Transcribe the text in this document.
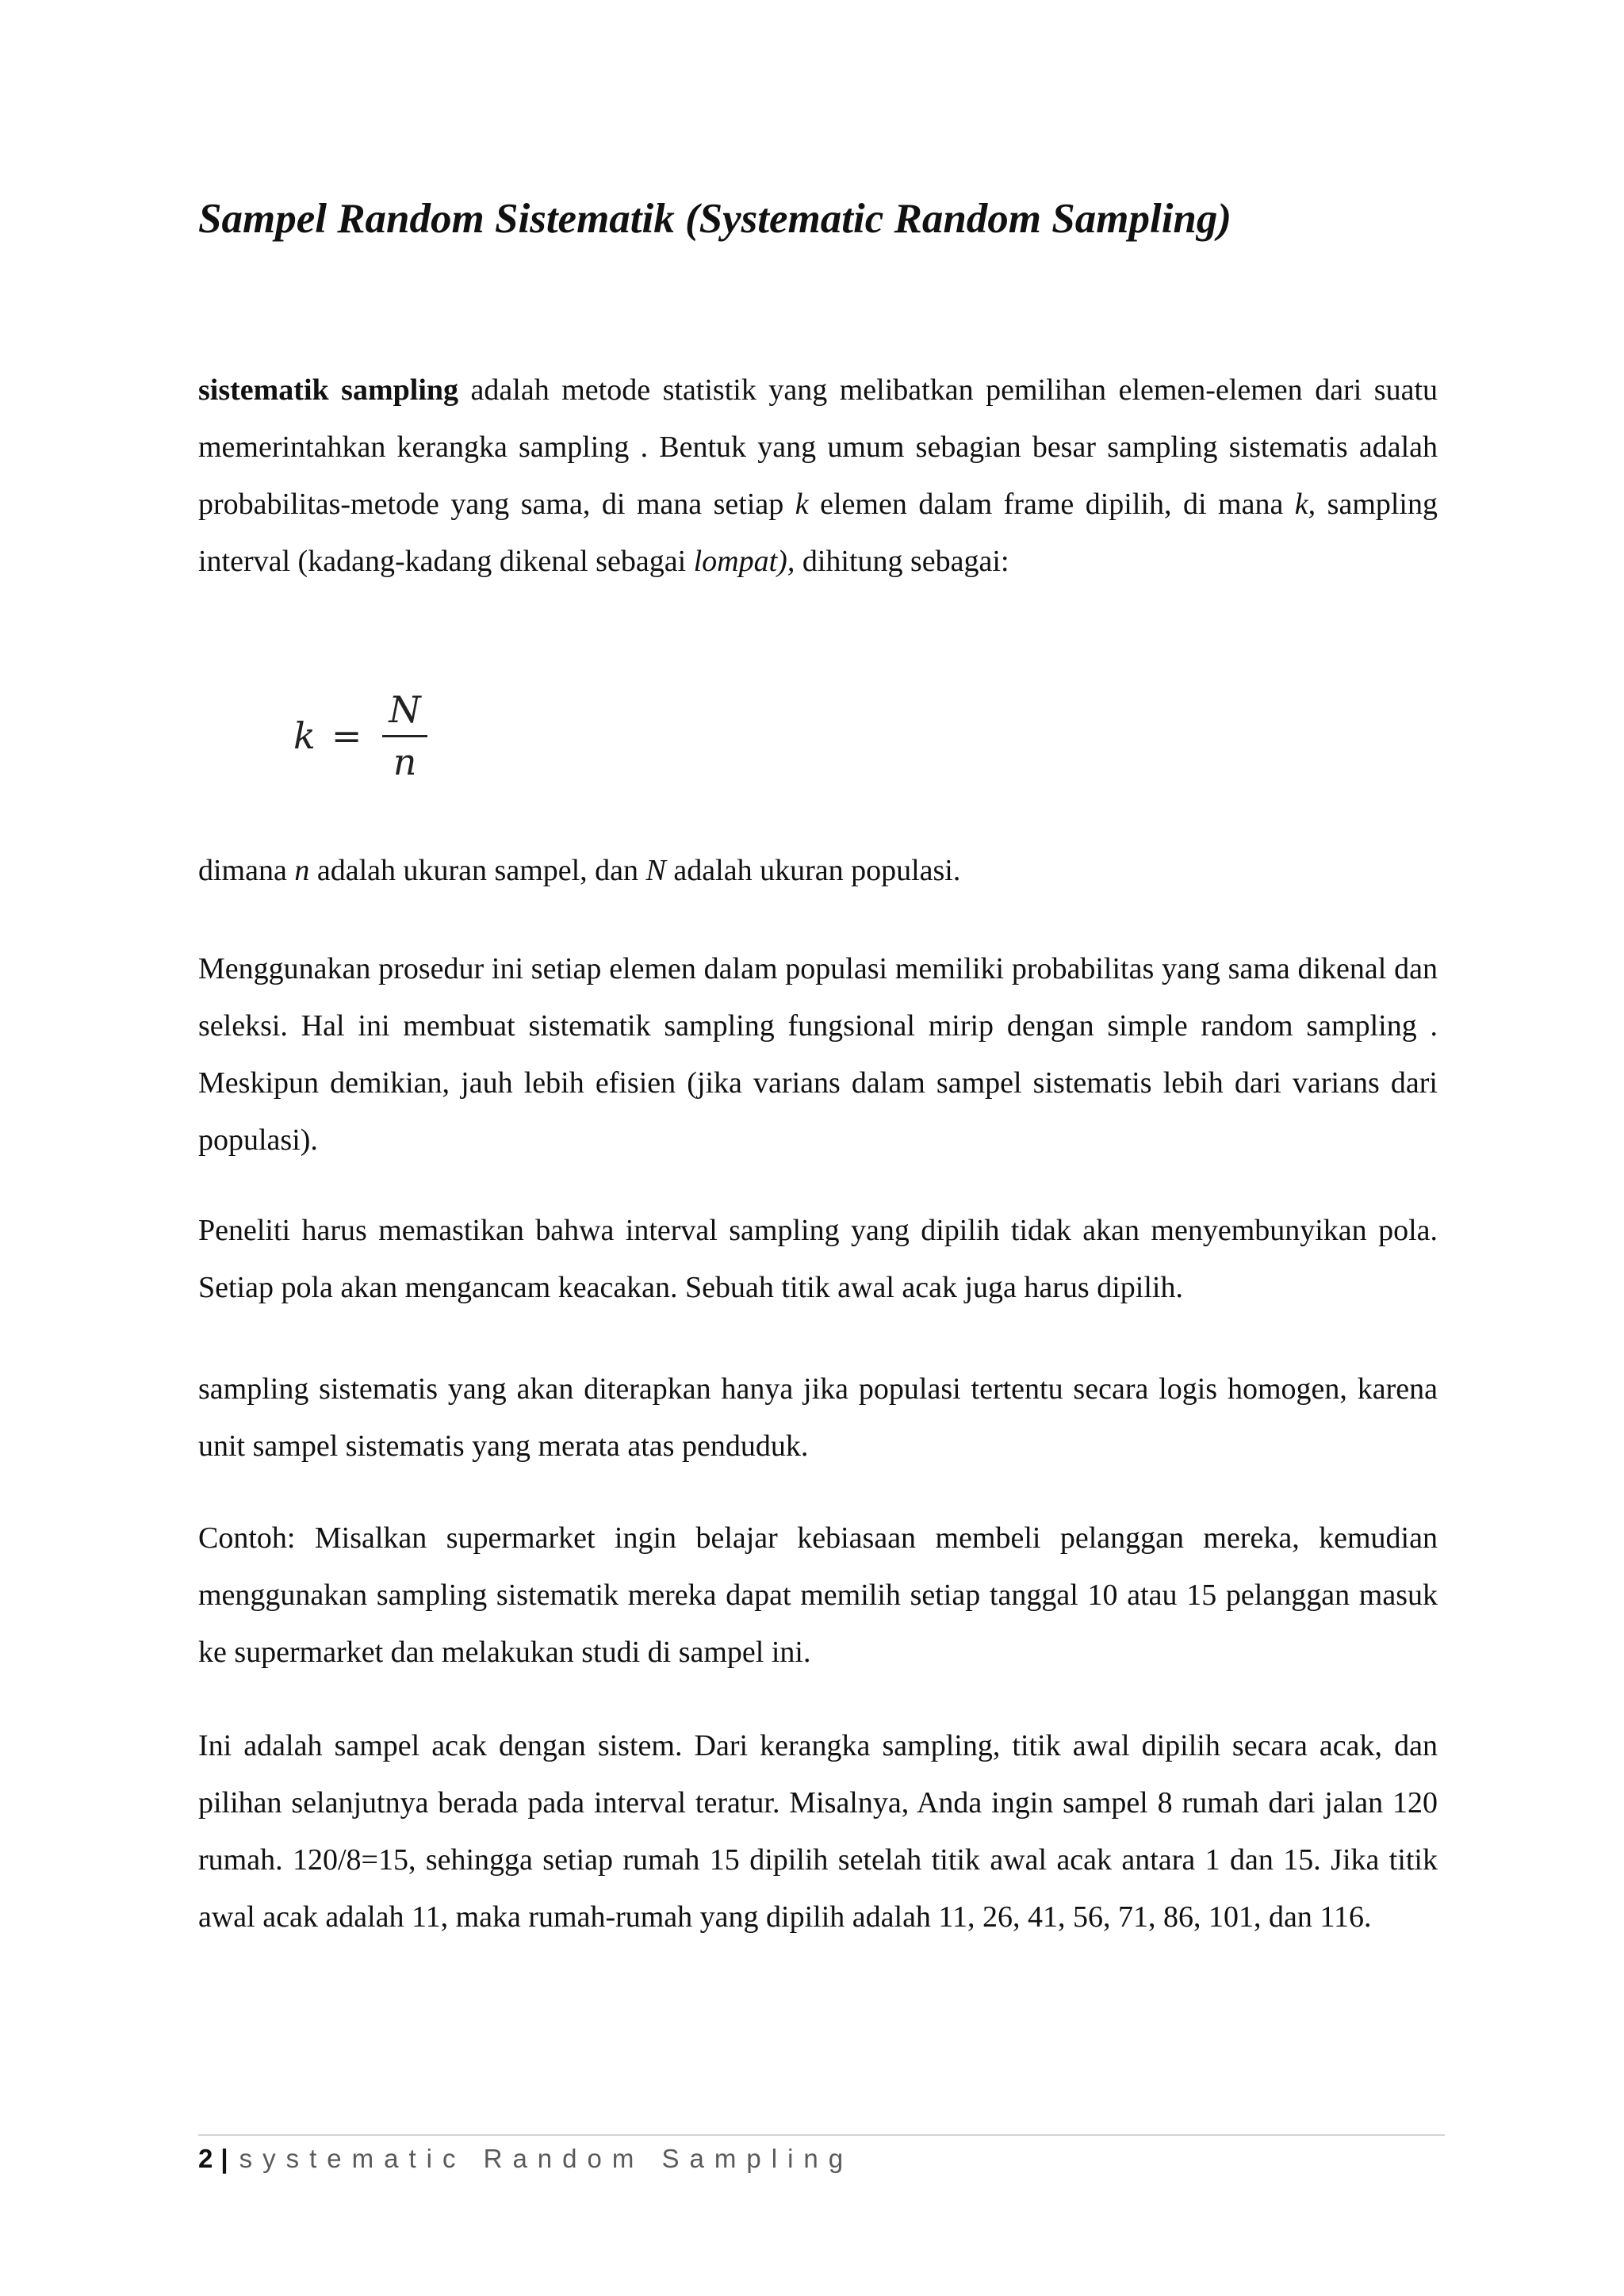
Sampel Random Sistematik (Systematic Random Sampling)

sistematik sampling adalah metode statistik yang melibatkan pemilihan elemen-elemen dari suatu memerintahkan kerangka sampling . Bentuk yang umum sebagian besar sampling sistematis adalah probabilitas-metode yang sama, di mana setiap k elemen dalam frame dipilih, di mana k, sampling interval (kadang-kadang dikenal sebagai lompat), dihitung sebagai:

$k = \frac{N}{n}$

dimana n adalah ukuran sampel, dan N adalah ukuran populasi.

Menggunakan prosedur ini setiap elemen dalam populasi memiliki probabilitas yang sama dikenal dan seleksi. Hal ini membuat sistematik sampling fungsional mirip dengan simple random sampling . Meskipun demikian, jauh lebih efisien (jika varians dalam sampel sistematis lebih dari varians dari populasi).

Peneliti harus memastikan bahwa interval sampling yang dipilih tidak akan menyembunyikan pola. Setiap pola akan mengancam keacakan. Sebuah titik awal acak juga harus dipilih.

sampling sistematis yang akan diterapkan hanya jika populasi tertentu secara logis homogen, karena unit sampel sistematis yang merata atas penduduk.

Contoh: Misalkan supermarket ingin belajar kebiasaan membeli pelanggan mereka, kemudian menggunakan sampling sistematik mereka dapat memilih setiap tanggal 10 atau 15 pelanggan masuk ke supermarket dan melakukan studi di sampel ini.

Ini adalah sampel acak dengan sistem. Dari kerangka sampling, titik awal dipilih secara acak, dan pilihan selanjutnya berada pada interval teratur. Misalnya, Anda ingin sampel 8 rumah dari jalan 120 rumah. 120/8=15, sehingga setiap rumah 15 dipilih setelah titik awal acak antara 1 dan 15. Jika titik awal acak adalah 11, maka rumah-rumah yang dipilih adalah 11, 26, 41, 56, 71, 86, 101, dan 116.

2 | systematic Random Sampling
